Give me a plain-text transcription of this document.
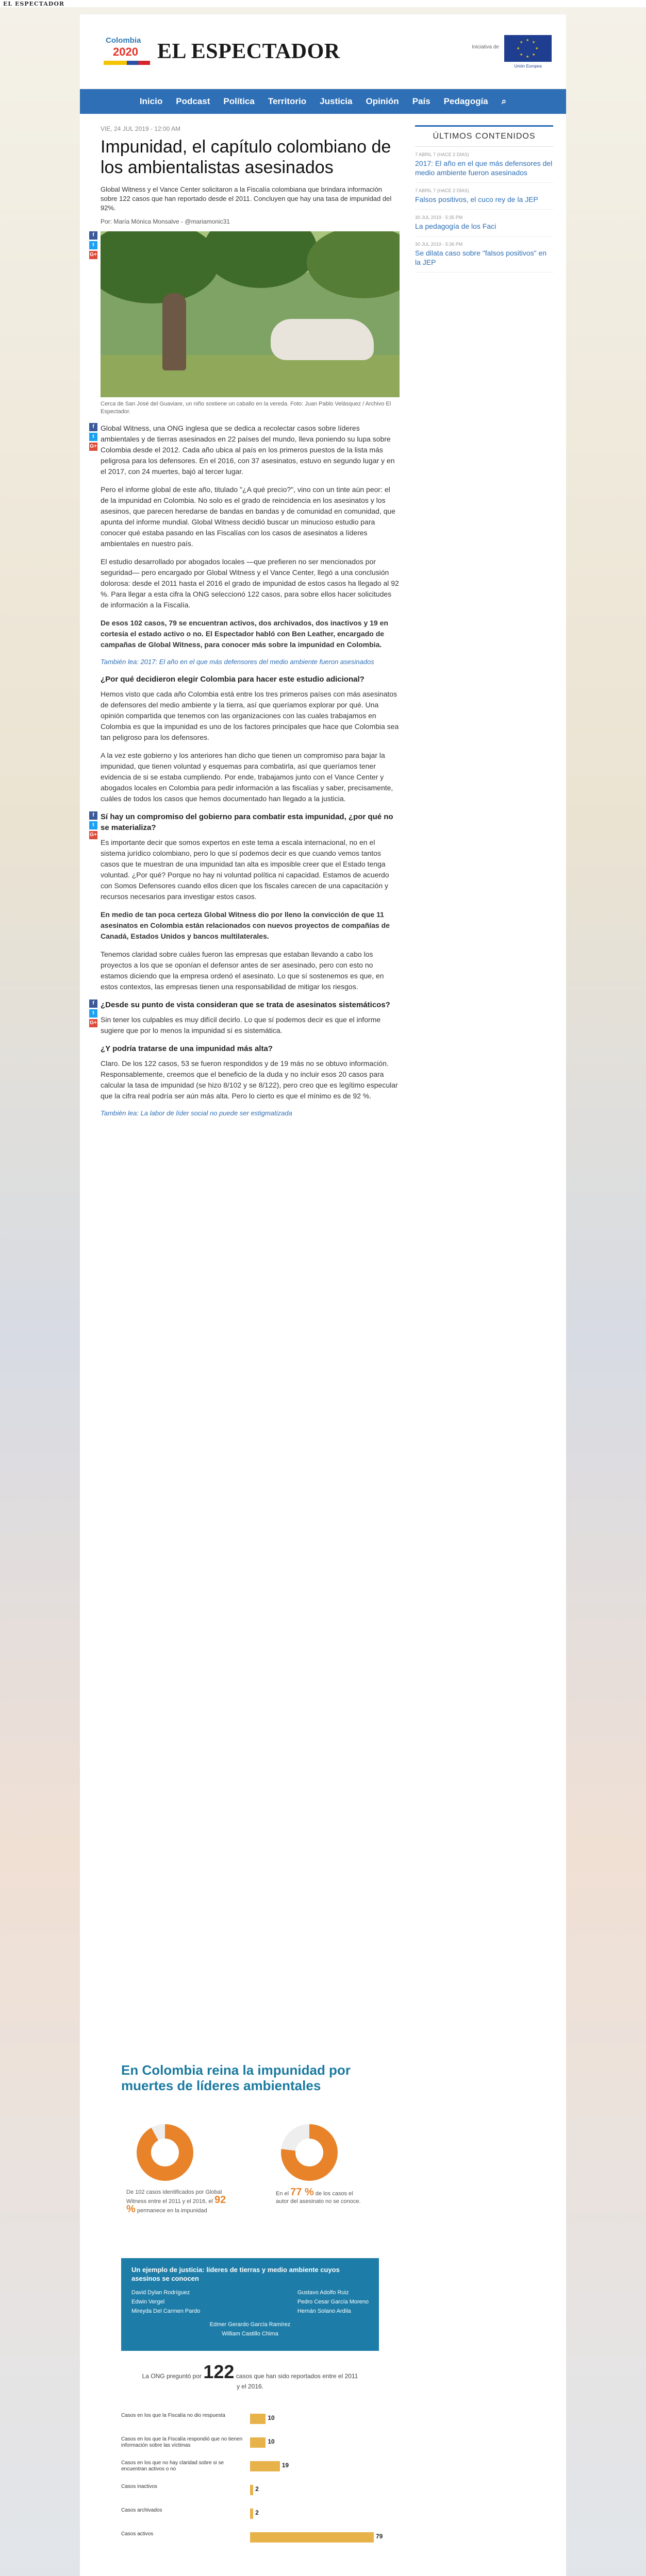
EL ESPECTADOR
Colombia
2020 EL ESPECTADOR	Iniciativa de
★
★
★
★
★
★
★
★
Unión Europea
Inicio Podcast Política Territorio Justicia Opinión País Pedagogía ⌕
VIE, 24 JUL 2019 - 12:00 AM
Impunidad, el capítulo colombiano de los ambientalistas asesinados
Global Witness y el Vance Center solicitaron a la Fiscalía colombiana que brindara información sobre 122 casos que han reportado desde el 2011. Concluyen que hay una tasa de impunidad del 92%.
Por: María Mónica Monsalve - @mariamonic31
f
t
G+
Cerca de San José del Guaviare, un niño sostiene un caballo en la vereda. Foto: Juan Pablo Velásquez / Archivo El Espectador.
f
t
G+

Global Witness, una ONG inglesa que se dedica a recolectar casos sobre líderes ambientales y de tierras asesinados en 22 países del mundo, lleva poniendo su lupa sobre Colombia desde el 2012. Cada año ubica al país en los primeros puestos de la lista más peligrosa para los defensores. En el 2016, con 37 asesinatos, estuvo en segundo lugar y en el 2017, con 24 muertes, bajó al tercer lugar.

Pero el informe global de este año, titulado "¿A qué precio?", vino con un tinte aún peor: el de la impunidad en Colombia. No solo es el grado de reincidencia en los asesinatos y los asesinos, que parecen heredarse de bandas en bandas y de comunidad en comunidad, que apunta del informe mundial. Global Witness decidió buscar un minucioso estudio para conocer qué estaba pasando en las Fiscalías con los casos de asesinatos a líderes ambientales en nuestro país.

El estudio desarrollado por abogados locales —que prefieren no ser mencionados por seguridad— pero encargado por Global Witness y el Vance Center, llegó a una conclusión dolorosa: desde el 2011 hasta el 2016 el grado de impunidad de estos casos ha llegado al 92 %. Para llegar a esta cifra la ONG seleccionó 122 casos, para sobre ellos hacer solicitudes de información a la Fiscalía.

De esos 102 casos, 79 se encuentran activos, dos archivados, dos inactivos y 19 en cortesía el estado activo o no. El Espectador habló con Ben Leather, encargado de campañas de Global Witness, para conocer más sobre la impunidad en Colombia.

También lea: 2017: El año en el que más defensores del medio ambiente fueron asesinados
¿Por qué decidieron elegir Colombia para hacer este estudio adicional?

Hemos visto que cada año Colombia está entre los tres primeros países con más asesinatos de defensores del medio ambiente y la tierra, así que queríamos explorar por qué. Una opinión compartida que tenemos con las organizaciones con las cuales trabajamos en Colombia es que la impunidad es uno de los factores principales que hace que Colombia sea tan peligroso para los defensores.

A la vez este gobierno y los anteriores han dicho que tienen un compromiso para bajar la impunidad, que tienen voluntad y esquemas para combatirla, así que queríamos tener evidencia de si se estaba cumpliendo. Por ende, trabajamos junto con el Vance Center y abogados locales en Colombia para pedir información a las fiscalías y saber, precisamente, cuáles de todos los casos que hemos documentado han llegado a la justicia.

f
t
G+
Sí hay un compromiso del gobierno para combatir esta impunidad, ¿por qué no se materializa?

Es importante decir que somos expertos en este tema a escala internacional, no en el sistema jurídico colombiano, pero lo que sí podemos decir es que cuando vemos tantos casos que te muestran de una impunidad tan alta es imposible creer que el Estado tenga voluntad. ¿Por qué? Porque no hay ni voluntad política ni capacidad. Estamos de acuerdo con Somos Defensores cuando ellos dicen que los fiscales carecen de una capacitación y recursos necesarios para investigar estos casos.

En medio de tan poca certeza Global Witness dio por lleno la convicción de que 11 asesinatos en Colombia están relacionados con nuevos proyectos de compañías de Canadá, Estados Unidos y bancos multilaterales.

Tenemos claridad sobre cuáles fueron las empresas que estaban llevando a cabo los proyectos a los que se oponían el defensor antes de ser asesinado, pero con esto no estamos diciendo que la empresa ordenó el asesinato. Lo que sí sostenemos es que, en estos contextos, las empresas tienen una responsabilidad de mitigar los riesgos.

f
t
G+
¿Desde su punto de vista consideran que se trata de asesinatos sistemáticos?

Sin tener los culpables es muy difícil decirlo. Lo que sí podemos decir es que el informe sugiere que por lo menos la impunidad sí es sistemática.

¿Y podría tratarse de una impunidad más alta?

Claro. De los 122 casos, 53 se fueron respondidos y de 19 más no se obtuvo información. Responsablemente, creemos que el beneficio de la duda y no incluir esos 20 casos para calcular la tasa de impunidad (se hizo 8/102 y se 8/122), pero creo que es legítimo especular que la cifra real podría ser aún más alta. Pero lo cierto es que el mínimo es de 92 %.

También lea: La labor de líder social no puede ser estigmatizada
ÚLTIMOS CONTENIDOS
7 ABRIL 7 (HACE 2 DÍAS)
2017: El año en el que más defensores del medio ambiente fueron asesinados
7 ABRIL 7 (HACE 2 DÍAS)
Falsos positivos, el cuco rey de la JEP
30 JUL 2019 - 5:35 PM
La pedagogía de los Faci
30 JUL 2019 - 5:36 PM
Se dilata caso sobre "falsos positivos" en la JEP
En Colombia reina la impunidad por muertes de líderes ambientales
De 102 casos identificados por Global Witness entre el 2011 y el 2016, el 92 % permanece en la impunidad
En el 77 % de los casos el autor del asesinato no se conoce.
Un ejemplo de justicia: líderes de tierras y medio ambiente cuyos asesinos se conocen
David Dylan Rodríguez
Edwin Vergel
Mireyda Del Carmen Pardo
Gustavo Adolfo Ruiz
Pedro Cesar García Moreno
Hernán Solano Ardila
Edmer Gerardo García Ramírez
William Castillo Chima
La ONG preguntó por 122 casos que han sido reportados entre el 2011 y el 2016.
Casos en los que la Fiscalía no dio respuesta	10
Casos en los que la Fiscalía respondió que no tienen información sobre las víctimas
10
Casos en los que no hay claridad sobre si se encuentran activos o no
19
Casos inactivos	2
Casos archivados	2
Casos activos	79
